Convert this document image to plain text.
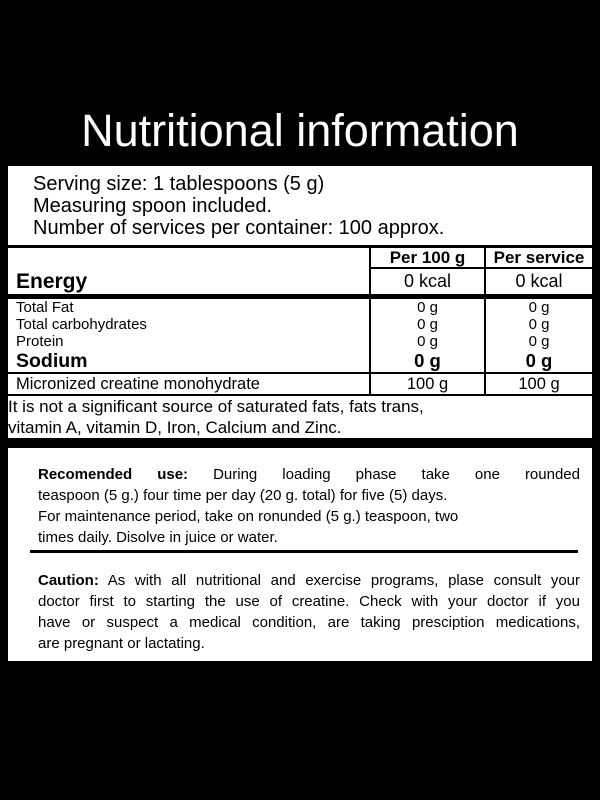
Nutritional information
Serving size: 1 tablespoons (5 g)
Measuring spoon included.
Number of services per container: 100 approx.
	Per 100 g	Per service
Energy	0 kcal	0 kcal
Total Fat	0 g	0 g
Total carbohydrates	0 g	0 g
Protein	0 g	0 g
Sodium	0 g	0 g
Micronized creatine monohydrate	100 g	100 g

It is not a significant source of saturated fats, fats trans,
vitamin A, vitamin D, Iron, Calcium and Zinc.		
Recomended use: During loading phase take one rounded
teaspoon (5 g.) four time per day (20 g. total) for five (5) days.
For maintenance period, take on ronunded (5 g.) teaspoon, two
times daily. Disolve in juice or water.
Caution: As with all nutritional and exercise programs, plase consult your
doctor first to starting the use of creatine. Check with your doctor if you
have or suspect a medical condition, are taking presciption medications,
are pregnant or lactating.
